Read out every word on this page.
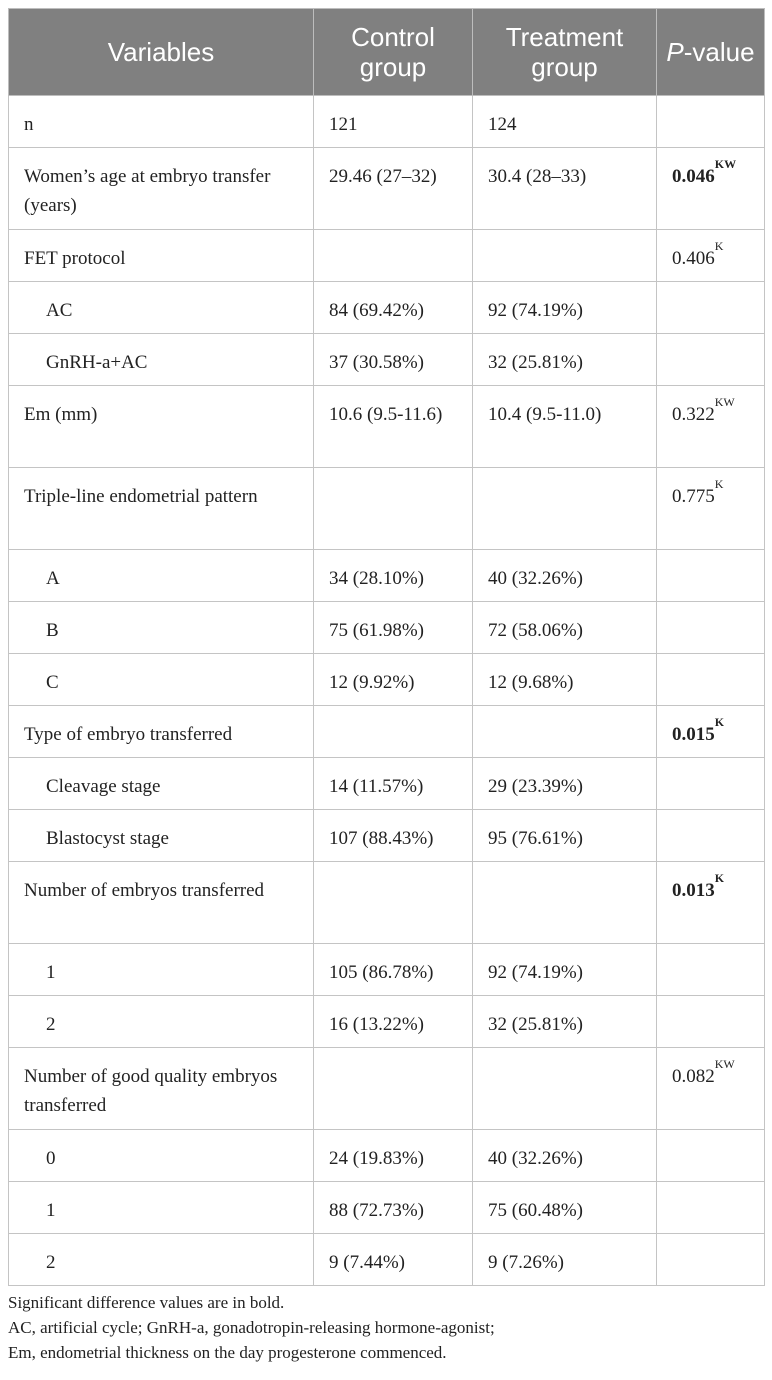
Variables	Control group	Treatment group	P-value
n	121	124	
Women’s age at embryo transfer (years)	29.46 (27–32)	30.4 (28–33)	$0.046^{KW}$
FET protocol			$0.406^K$
AC	84 (69.42%)	92 (74.19%)	
GnRH-a+AC	37 (30.58%)	32 (25.81%)	
Em (mm)	10.6 (9.5-11.6)	10.4 (9.5-11.0)	$0.322^{KW}$
Triple-line endometrial pattern			$0.775^K$
A	34 (28.10%)	40 (32.26%)	
B	75 (61.98%)	72 (58.06%)	
C	12 (9.92%)	12 (9.68%)	
Type of embryo transferred			$0.015^K$
Cleavage stage	14 (11.57%)	29 (23.39%)	
Blastocyst stage	107 (88.43%)	95 (76.61%)	
Number of embryos transferred			$0.013^K$
1	105 (86.78%)	92 (74.19%)	
2	16 (13.22%)	32 (25.81%)	
Number of good quality embryos transferred			$0.082^{KW}$
0	24 (19.83%)	40 (32.26%)	
1	88 (72.73%)	75 (60.48%)	
2	9 (7.44%)	9 (7.26%)	
Significant difference values are in bold.
AC, artificial cycle; GnRH-a, gonadotropin-releasing hormone-agonist;
Em, endometrial thickness on the day progesterone commenced.
